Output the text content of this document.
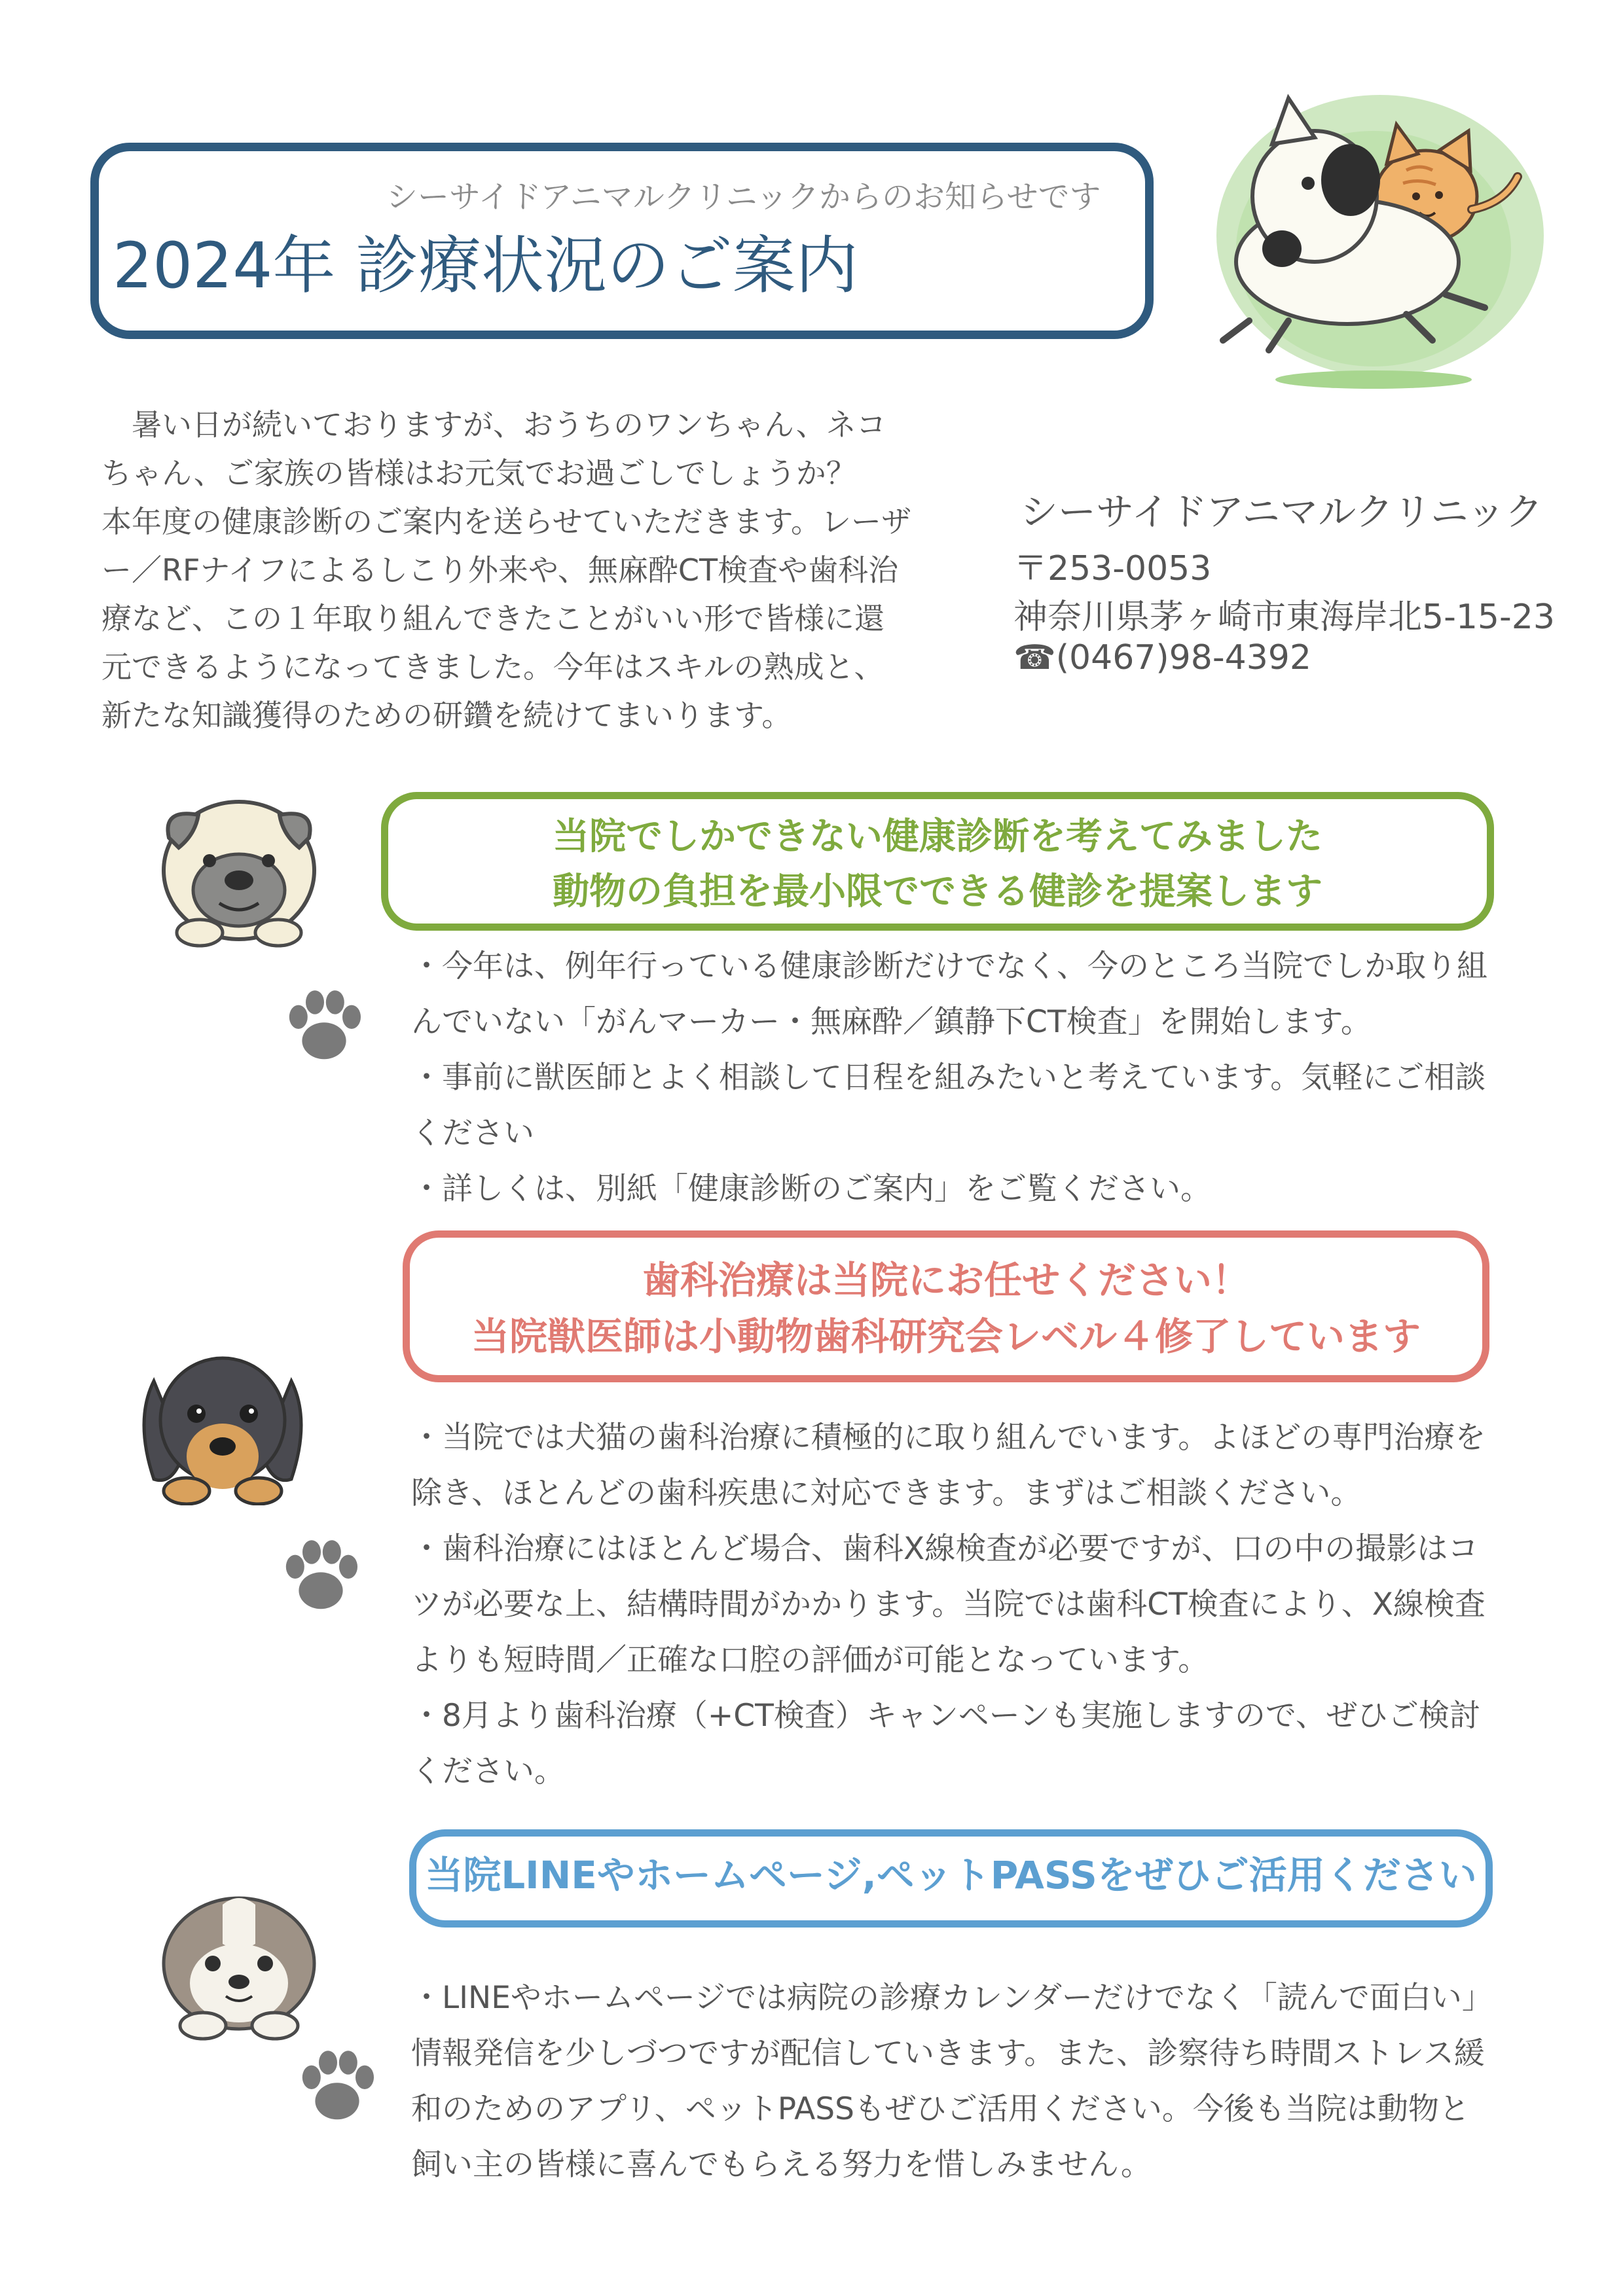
シーサイドアニマルクリニックからのお知らせです
2024年 診療状況のご案内
暑い日が続いておりますが、おうちのワンちゃん、ネコちゃん、ご家族の皆様はお元気でお過ごしでしょうか？　本年度の健康診断のご案内を送らせていただきます。レーザー／RFナイフによるしこり外来や、無麻酔CT検査や歯科治療など、この１年取り組んできたことがいい形で皆様に還元できるようになってきました。今年はスキルの熟成と、新たな知識獲得のための研鑽を続けてまいります。
シーサイドアニマルクリニック
〒253-0053
神奈川県茅ヶ崎市東海岸北5-15-23
☎(0467)98-4392
当院でしかできない健康診断を考えてみました
動物の負担を最小限でできる健診を提案します

・今年は、例年行っている健康診断だけでなく、今のところ当院でしか取り組んでいない「がんマーカー・無麻酔／鎮静下CT検査」を開始します。

・事前に獣医師とよく相談して日程を組みたいと考えています。気軽にご相談ください

・詳しくは、別紙「健康診断のご案内」をご覧ください。

歯科治療は当院にお任せください！
当院獣医師は小動物歯科研究会レベル４修了しています

・当院では犬猫の歯科治療に積極的に取り組んでいます。よほどの専門治療を除き、ほとんどの歯科疾患に対応できます。まずはご相談ください。

・歯科治療にはほとんど場合、歯科X線検査が必要ですが、口の中の撮影はコツが必要な上、結構時間がかかります。当院では歯科CT検査により、X線検査よりも短時間／正確な口腔の評価が可能となっています。

・8月より歯科治療（+CT検査）キャンペーンも実施しますので、ぜひご検討ください。

当院LINEやホームページ,ペットPASSをぜひご活用ください

・LINEやホームページでは病院の診療カレンダーだけでなく「読んで面白い」情報発信を少しづつですが配信していきます。また、診察待ち時間ストレス緩和のためのアプリ、ペットPASSもぜひご活用ください。今後も当院は動物と飼い主の皆様に喜んでもらえる努力を惜しみません。
